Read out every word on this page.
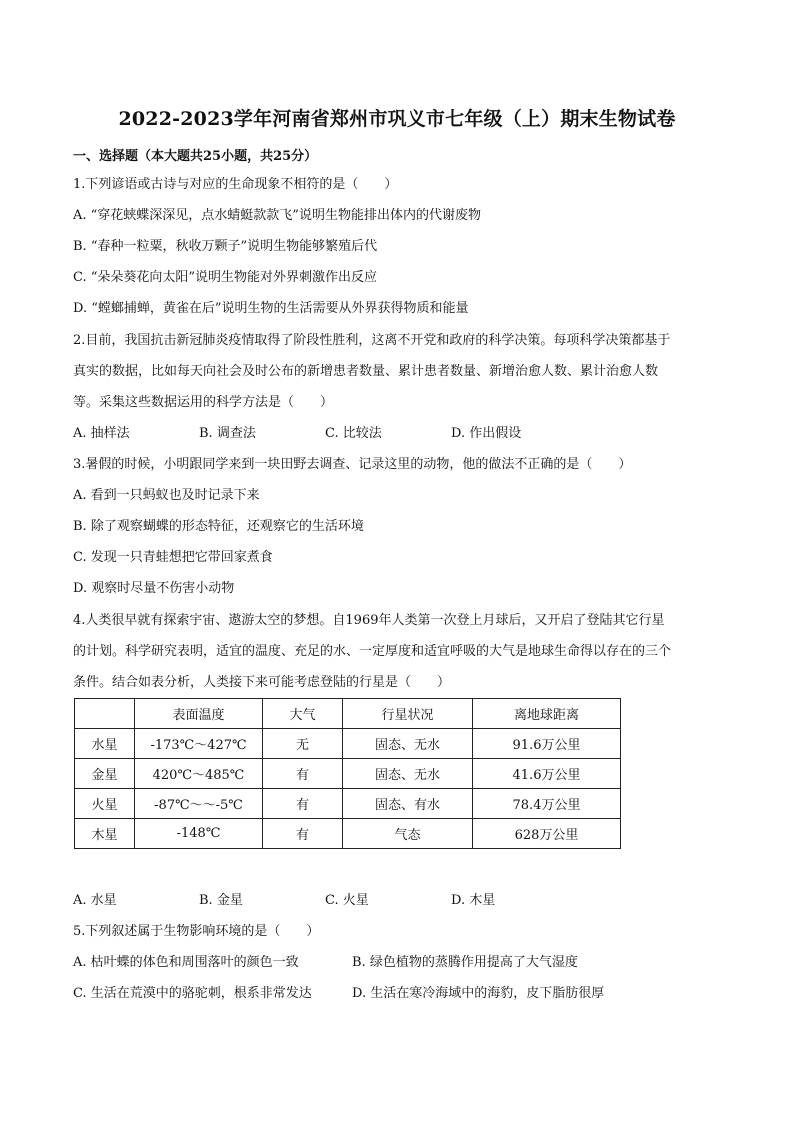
2022-2023学年河南省郑州市巩义市七年级（上）期末生物试卷
一、选择题（本大题共25小题，共25分）
1.下列谚语或古诗与对应的生命现象不相符的是（　　）
A. “穿花蛱蝶深深见，点水蜻蜓款款飞”说明生物能排出体内的代谢废物
B. “春种一粒粟，秋收万颗子”说明生物能够繁殖后代
C. “朵朵葵花向太阳”说明生物能对外界刺激作出反应
D. “螳螂捕蝉，黄雀在后”说明生物的生活需要从外界获得物质和能量
2.目前，我国抗击新冠肺炎疫情取得了阶段性胜利，这离不开党和政府的科学决策。每项科学决策都基于
真实的数据，比如每天向社会及时公布的新增患者数量、累计患者数量、新增治愈人数、累计治愈人数
等。采集这些数据运用的科学方法是（　　）
A. 抽样法	B. 调查法	C. 比较法	D. 作出假设
3.暑假的时候，小明跟同学来到一块田野去调查、记录这里的动物，他的做法不正确的是（　　）
A. 看到一只蚂蚁也及时记录下来
B. 除了观察蝴蝶的形态特征，还观察它的生活环境
C. 发现一只青蛙想把它带回家煮食
D. 观察时尽量不伤害小动物
4.人类很早就有探索宇宙、遨游太空的梦想。自1969年人类第一次登上月球后，又开启了登陆其它行星
的计划。科学研究表明，适宜的温度、充足的水、一定厚度和适宜呼吸的大气是地球生命得以存在的三个
条件。结合如表分析，人类接下来可能考虑登陆的行星是（　　）
	表面温度	大气	行星状况	离地球距离
水星	-173℃～427℃	无	固态、无水	91.6万公里
金星	420℃～485℃	有	固态、无水	41.6万公里
火星	-87℃～～-5℃	有	固态、有水	78.4万公里
木星	-148℃	有	气态	628万公里
A. 水星	B. 金星	C. 火星	D. 木星
5.下列叙述属于生物影响环境的是（　　）
A. 枯叶蝶的体色和周围落叶的颜色一致	B. 绿色植物的蒸腾作用提高了大气湿度
C. 生活在荒漠中的骆驼刺，根系非常发达	D. 生活在寒冷海域中的海豹，皮下脂肪很厚
